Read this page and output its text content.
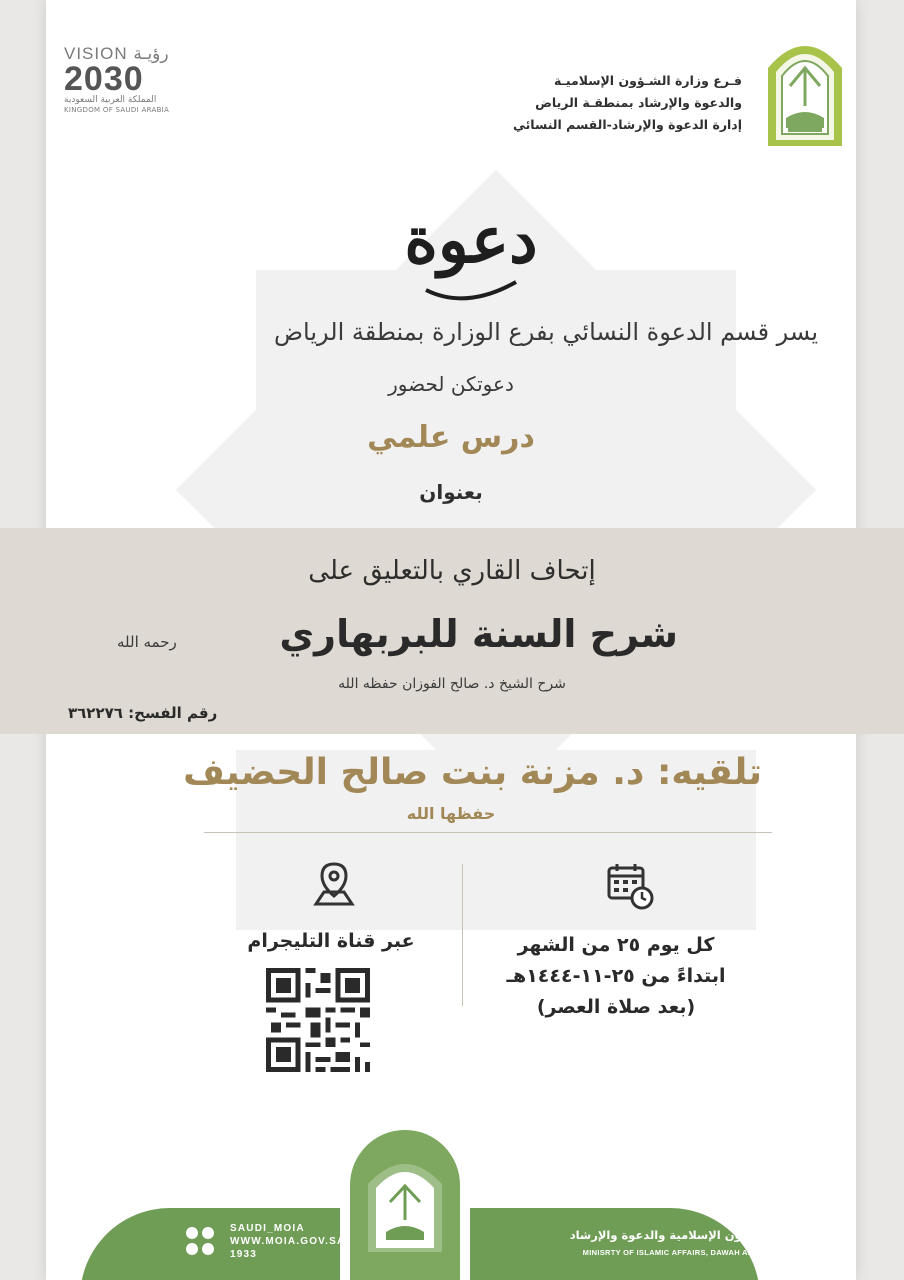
فـرع وزارة الشـؤون الإسلاميـة
والدعوة والإرشاد بمنطقـة الرياض
إدارة الدعوة والإرشاد-القسم النسائي
VISION رؤيـة
2030
المملكة العربية السعودية
KINGDOM OF SAUDI ARABIA
دعوة
يسر قسم الدعوة النسائي بفرع الوزارة بمنطقة الرياض
دعوتكن لحضور
درس علمي
بعنوان
تلقيه: د. مزنة بنت صالح الحضيف
حفظها الله
كل يوم ٢٥ من الشهر
ابتداءً من ٢٥-١١-١٤٤٤هـ
(بعد صلاة العصر)
عبر قناة التليجرام
إتحاف القاري بالتعليق على
شرح السنة للبربهاري
رحمه الله
شرح الشيخ د. صالح الفوزان حفظه الله
رقم الفسح: ٣٦٢٢٧٦
وزارة الشؤون الإسلامية والدعوة والإرشاد
MINISRTY OF ISLAMIC AFFAIRS, DAWAH AND GUIDANCE
SAUDI_MOIA
WWW.MOIA.GOV.SA
1933
